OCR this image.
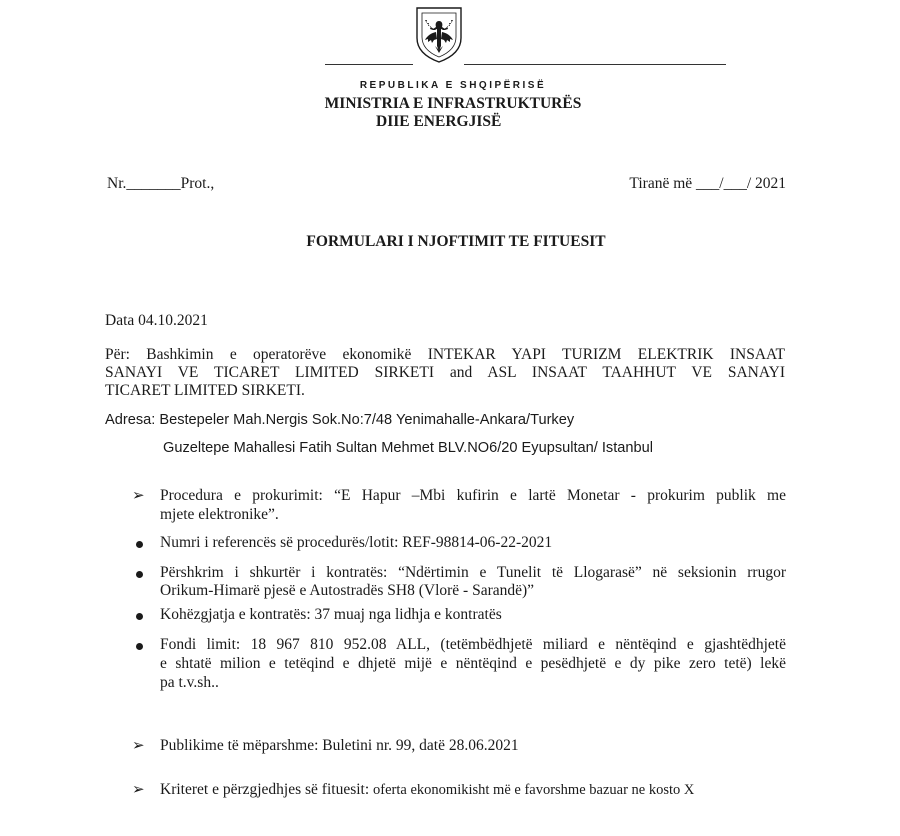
REPUBLIKA E SHQIPËRISË
MINISTRIA E INFRASTRUKTURËS
DIIE ENERGJISË
Nr._______Prot.,	Tiranë më ___/___/ 2021
FORMULARI I NJOFTIMIT TE FITUESIT
Data 04.10.2021
Për: Bashkimin e operatorëve ekonomikë INTEKAR YAPI TURIZM ELEKTRIK INSAAT
SANAYI VE TICARET LIMITED SIRKETI and ASL INSAAT TAAHHUT VE SANAYI
TICARET LIMITED SIRKETI.
Adresa: Bestepeler Mah.Nergis Sok.No:7/48 Yenimahalle-Ankara/Turkey
Guzeltepe Mahallesi Fatih Sultan Mehmet BLV.NO6/20 Eyupsultan/ Istanbul
➢ Procedura e prokurimit: “E Hapur –Mbi kufirin e lartë Monetar - prokurim publik me
mjete elektronike”.
Numri i referencës së procedurës/lotit: REF-98814-06-22-2021
Përshkrim i shkurtër i kontratës: “Ndërtimin e Tunelit të Llogarasë” në seksionin rrugor
Orikum-Himarë pjesë e Autostradës SH8 (Vlorë - Sarandë)”
Kohëzgjatja e kontratës: 37 muaj nga lidhja e kontratës
Fondi limit: 18 967 810 952.08 ALL, (tetëmbëdhjetë miliard e nëntëqind e gjashtëdhjetë
e shtatë milion e tetëqind e dhjetë mijë e nëntëqind e pesëdhjetë e dy pike zero tetë) lekë
pa t.v.sh..
➢ Publikime të mëparshme: Buletini nr. 99, datë 28.06.2021
➢ Kriteret e përzgjedhjes së fituesit: oferta ekonomikisht më e favorshme bazuar ne kosto X
